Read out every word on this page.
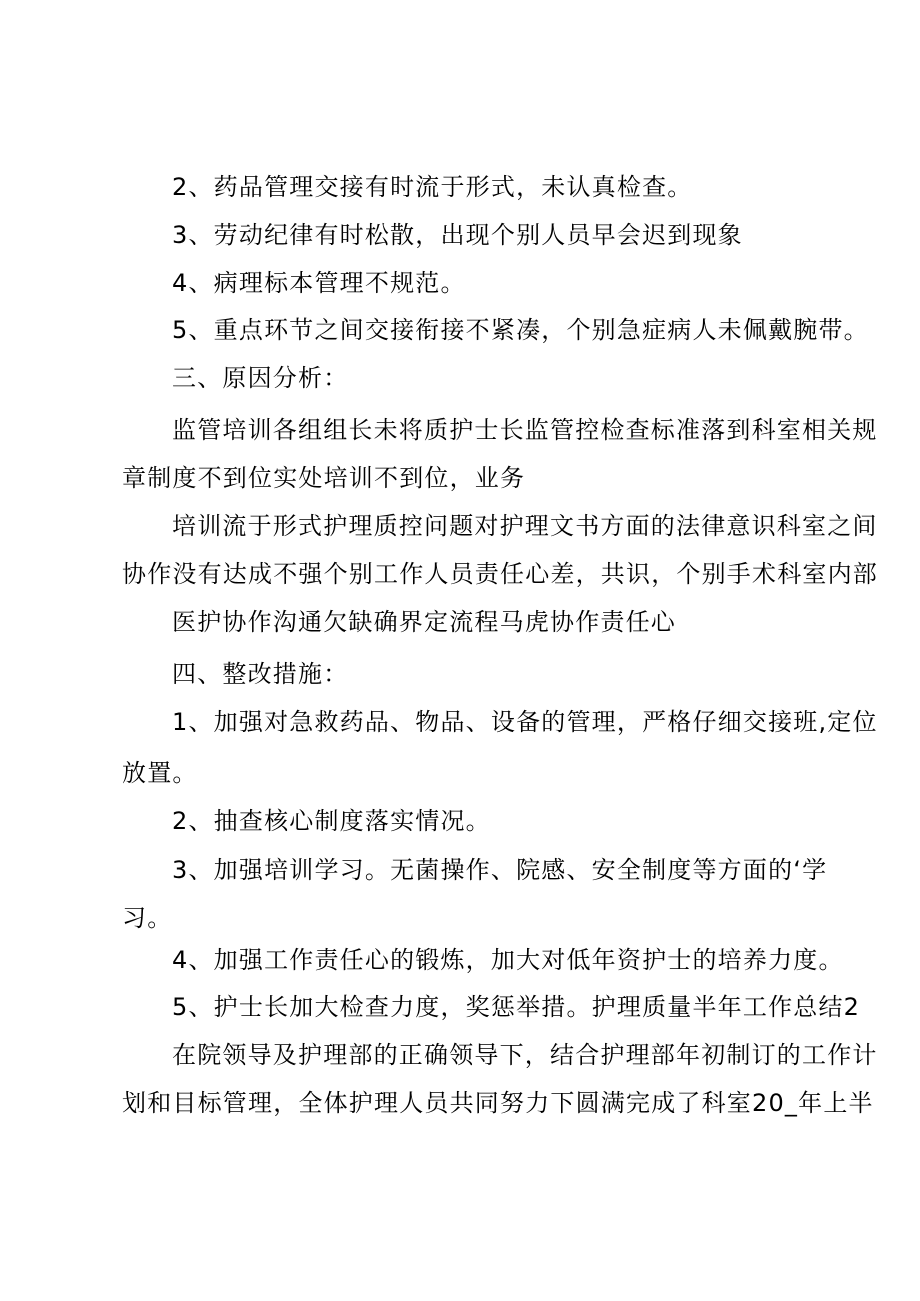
2、药品管理交接有时流于形式，未认真检查。
3、劳动纪律有时松散，出现个别人员早会迟到现象
4、病理标本管理不规范。
5、重点环节之间交接衔接不紧凑，个别急症病人未佩戴腕带。
三、原因分析：
监管培训各组组长未将质护士长监管控检查标准落到科室相关规
章制度不到位实处培训不到位，业务
培训流于形式护理质控问题对护理文书方面的法律意识科室之间
协作没有达成不强个别工作人员责任心差，共识，个别手术科室内部
医护协作沟通欠缺确界定流程马虎协作责任心
四、整改措施：
1、加强对急救药品、物品、设备的管理，严格仔细交接班,定位
放置。
2、抽查核心制度落实情况。
3、加强培训学习。无菌操作、院感、安全制度等方面的‘学
习。
4、加强工作责任心的锻炼，加大对低年资护士的培养力度。
5、护士长加大检查力度，奖惩举措。护理质量半年工作总结2
在院领导及护理部的正确领导下，结合护理部年初制订的工作计
划和目标管理，全体护理人员共同努力下圆满完成了科室20_年上半
